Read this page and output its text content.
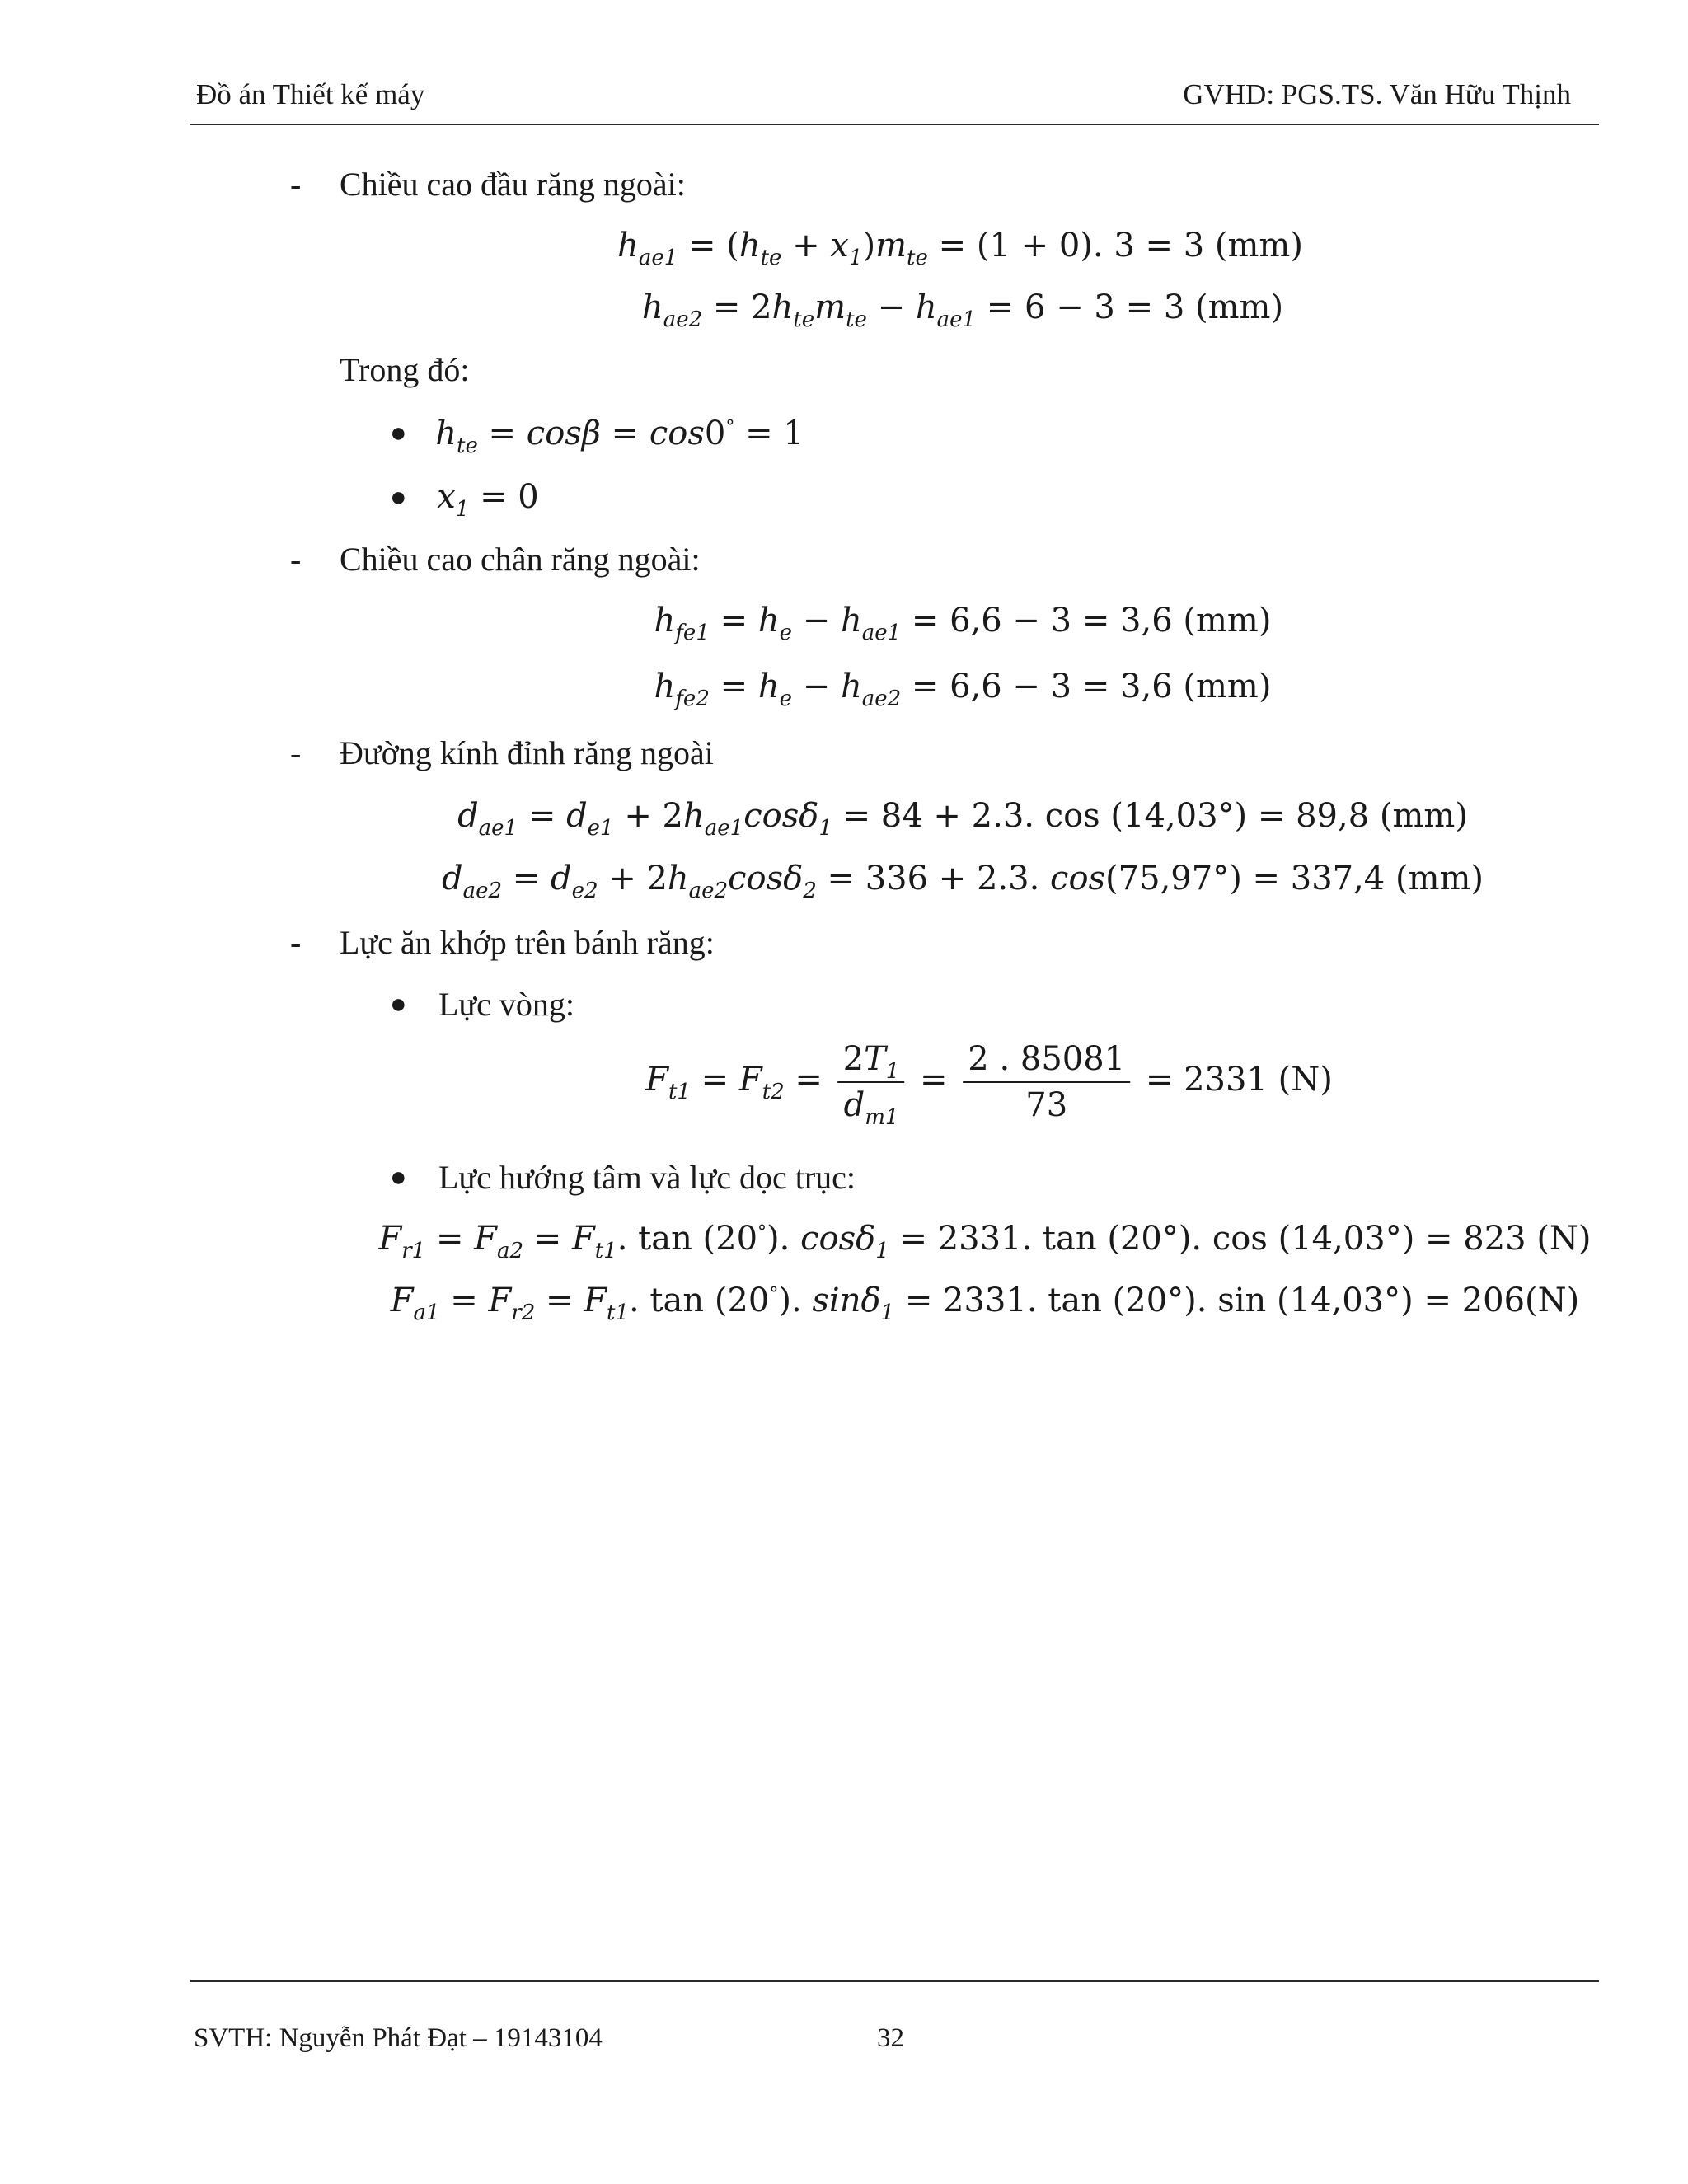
Đồ án Thiết kế máy	GVHD: PGS.TS. Văn Hữu Thịnh
- Chiều cao đầu răng ngoài:
$h_{ae1} = (h_{te} + x_1)m_{te} = (1 + 0)$. 3 = 3 (mm)
$h_{ae2} = 2h_{te}m_{te} - h_{ae1} = 6 - 3 = 3$ (mm)
Trong đó:
● $h_{te} = \cos\beta = \cos 0^\circ = 1$
● $x_1 = 0$
- Chiều cao chân răng ngoài:
$h_{fe1} = h_e - h_{ae1} = 6,6 - 3 = 3,6$ (mm)
$h_{fe2} = h_e - h_{ae2} = 6,6 - 3 = 3,6$ (mm)
- Đường kính đỉnh răng ngoài
$d_{ae1} = d_{e1} + 2h_{ae1}\cos\delta_1 = 84 + 2.3$. cos (14,03°) = 89,8 (mm)
$d_{ae2} = d_{e2} + 2h_{ae2}\cos\delta_2 = 336 + 2.3$. cos(75,97°) = 337,4 (mm)
- Lực ăn khớp trên bánh răng:
● Lực vòng:
$F_{t1} = F_{t2} = \frac{2T_1}{d_{m1}} = \frac{2 . 85081}{73} = 2331$ (N)
● Lực hướng tâm và lực dọc trục:
$F_{r1} = F_{a2} = F_{t1}$. tan (20°). cosδ$_1$ = 2331. tan (20°). cos (14,03°) = 823 (N)
$F_{a1} = F_{r2} = F_{t1}$. tan (20°). sinδ$_1$ = 2331. tan (20°). sin (14,03°) = 206(N)
SVTH: Nguyễn Phát Đạt – 19143104	32
